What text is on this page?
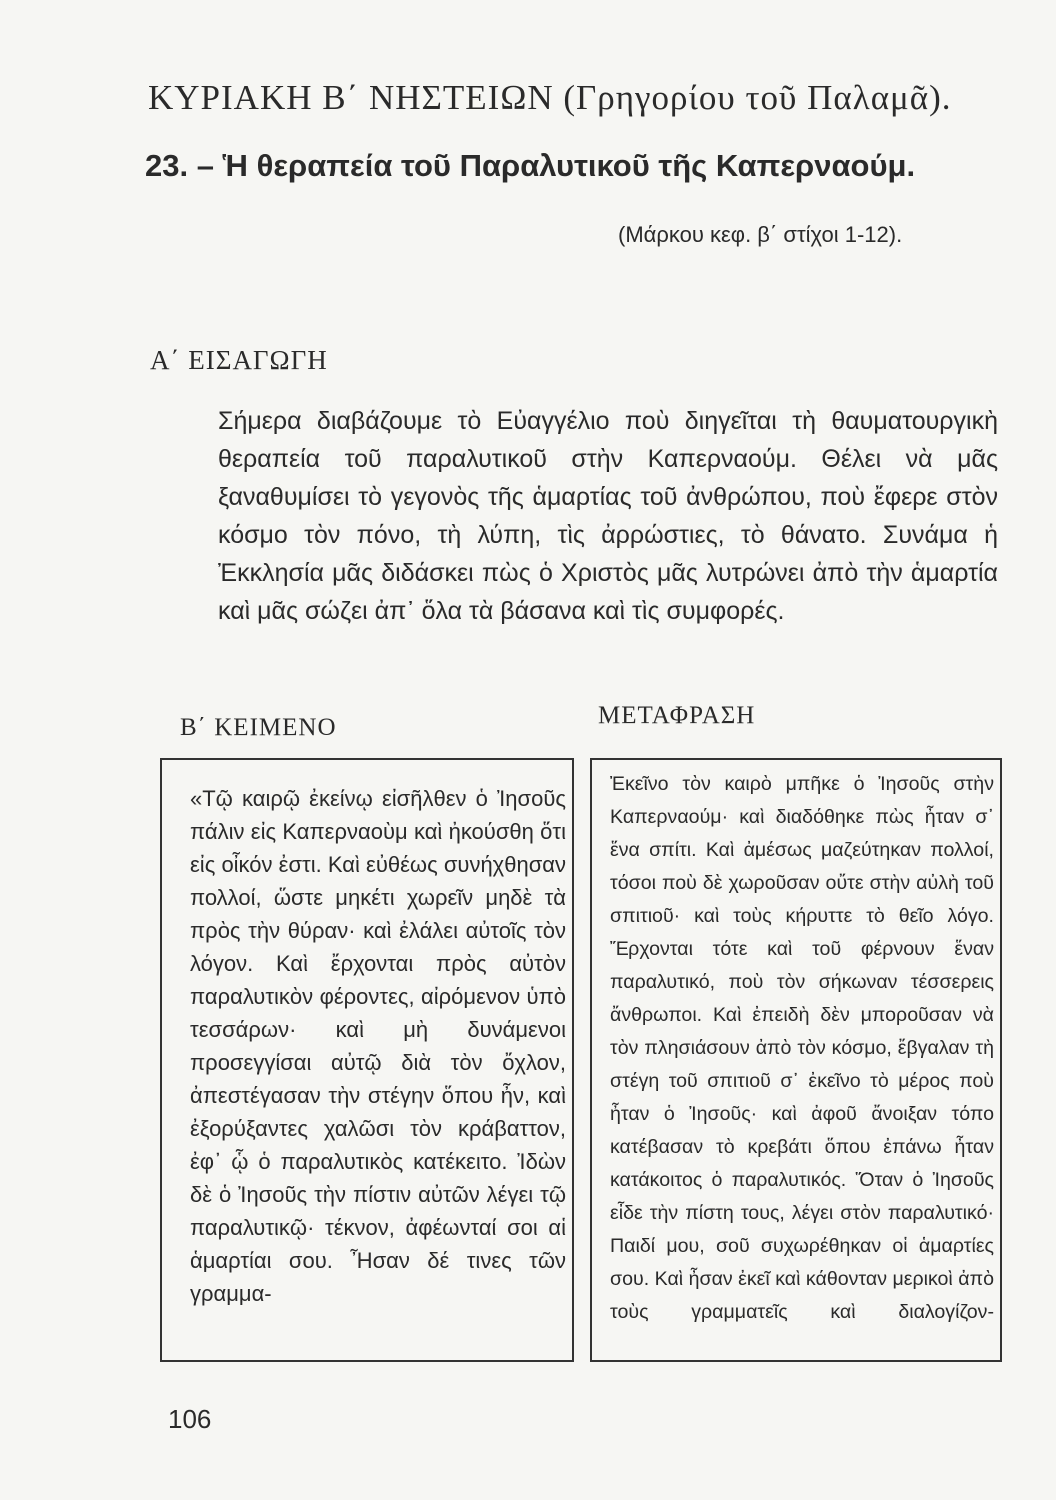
ΚΥΡΙΑΚΗ Β΄ ΝΗΣΤΕΙΩΝ (Γρηγορίου τοῦ Παλαμᾶ).
23. – Ἡ θεραπεία τοῦ Παραλυτικοῦ τῆς Καπερναούμ.
(Μάρκου κεφ. β΄ στίχοι 1-12).
Α΄ ΕΙΣΑΓΩΓΗ
Σήμερα διαβάζουμε τὸ Εὐαγγέλιο ποὺ διηγεῖται τὴ θαυματουργικὴ θεραπεία τοῦ παραλυτικοῦ στὴν Καπερναούμ. Θέλει νὰ μᾶς ξαναθυμίσει τὸ γεγονὸς τῆς ἁμαρτίας τοῦ ἀνθρώπου, ποὺ ἔφερε στὸν κόσμο τὸν πόνο, τὴ λύπη, τὶς ἀρρώστιες, τὸ θάνατο. Συνάμα ἡ Ἐκκλησία μᾶς διδάσκει πὼς ὁ Χριστὸς μᾶς λυτρώνει ἀπὸ τὴν ἁμαρτία καὶ μᾶς σώζει ἀπ᾽ ὅλα τὰ βάσανα καὶ τὶς συμφορές.
Β΄ ΚΕΙΜΕΝΟ	ΜΕΤΑΦΡΑΣΗ

«Τῷ καιρῷ ἐκείνῳ εἰσῆλθεν ὁ Ἰησοῦς πάλιν εἰς Καπερναοὺμ καὶ ἠκούσθη ὅτι εἰς οἶκόν ἐστι. Καὶ εὐθέως συνήχθησαν πολλοί, ὥστε μηκέτι χωρεῖν μηδὲ τὰ πρὸς τὴν θύραν· καὶ ἐλάλει αὐτοῖς τὸν λόγον. Καὶ ἔρχονται πρὸς αὐτὸν παραλυτικὸν φέροντες, αἰρόμενον ὑπὸ τεσσάρων· καὶ μὴ δυνάμενοι προσεγγίσαι αὐτῷ διὰ τὸν ὄχλον, ἀπεστέγασαν τὴν στέγην ὅπου ἦν, καὶ ἐξορύξαντες χαλῶσι τὸν κράβαττον, ἐφ᾽ ᾧ ὁ παραλυτικὸς κατέκειτο. Ἰδὼν δὲ ὁ Ἰησοῦς τὴν πίστιν αὐτῶν λέγει τῷ παραλυτικῷ· τέκνον, ἀφέωνταί σοι αἱ ἁμαρτίαι σου. Ἦσαν δέ τινες τῶν γραμμα-

Ἐκεῖνο τὸν καιρὸ μπῆκε ὁ Ἰησοῦς στὴν Καπερναούμ· καὶ διαδόθηκε πὼς ἦταν σ᾽ ἕνα σπίτι. Καὶ ἀμέσως μαζεύτηκαν πολλοί, τόσοι ποὺ δὲ χωροῦσαν οὔτε στὴν αὐλὴ τοῦ σπιτιοῦ· καὶ τοὺς κήρυττε τὸ θεῖο λόγο. Ἔρχονται τότε καὶ τοῦ φέρνουν ἕναν παραλυτικό, ποὺ τὸν σήκωναν τέσσερεις ἄνθρωποι. Καὶ ἐπειδὴ δὲν μποροῦσαν νὰ τὸν πλησιάσουν ἀπὸ τὸν κόσμο, ἔβγαλαν τὴ στέγη τοῦ σπιτιοῦ σ᾽ ἐκεῖνο τὸ μέρος ποὺ ἦταν ὁ Ἰησοῦς· καὶ ἀφοῦ ἄνοιξαν τόπο κατέβασαν τὸ κρεβάτι ὅπου ἐπάνω ἦταν κατάκοιτος ὁ παραλυτικός. Ὅταν ὁ Ἰησοῦς εἶδε τὴν πίστη τους, λέγει στὸν παραλυτικό· Παιδί μου, σοῦ συχωρέθηκαν οἱ ἁμαρτίες σου. Καὶ ἦσαν ἐκεῖ καὶ κάθονταν μερικοὶ ἀπὸ τοὺς γραμματεῖς καὶ διαλογίζον-

106
